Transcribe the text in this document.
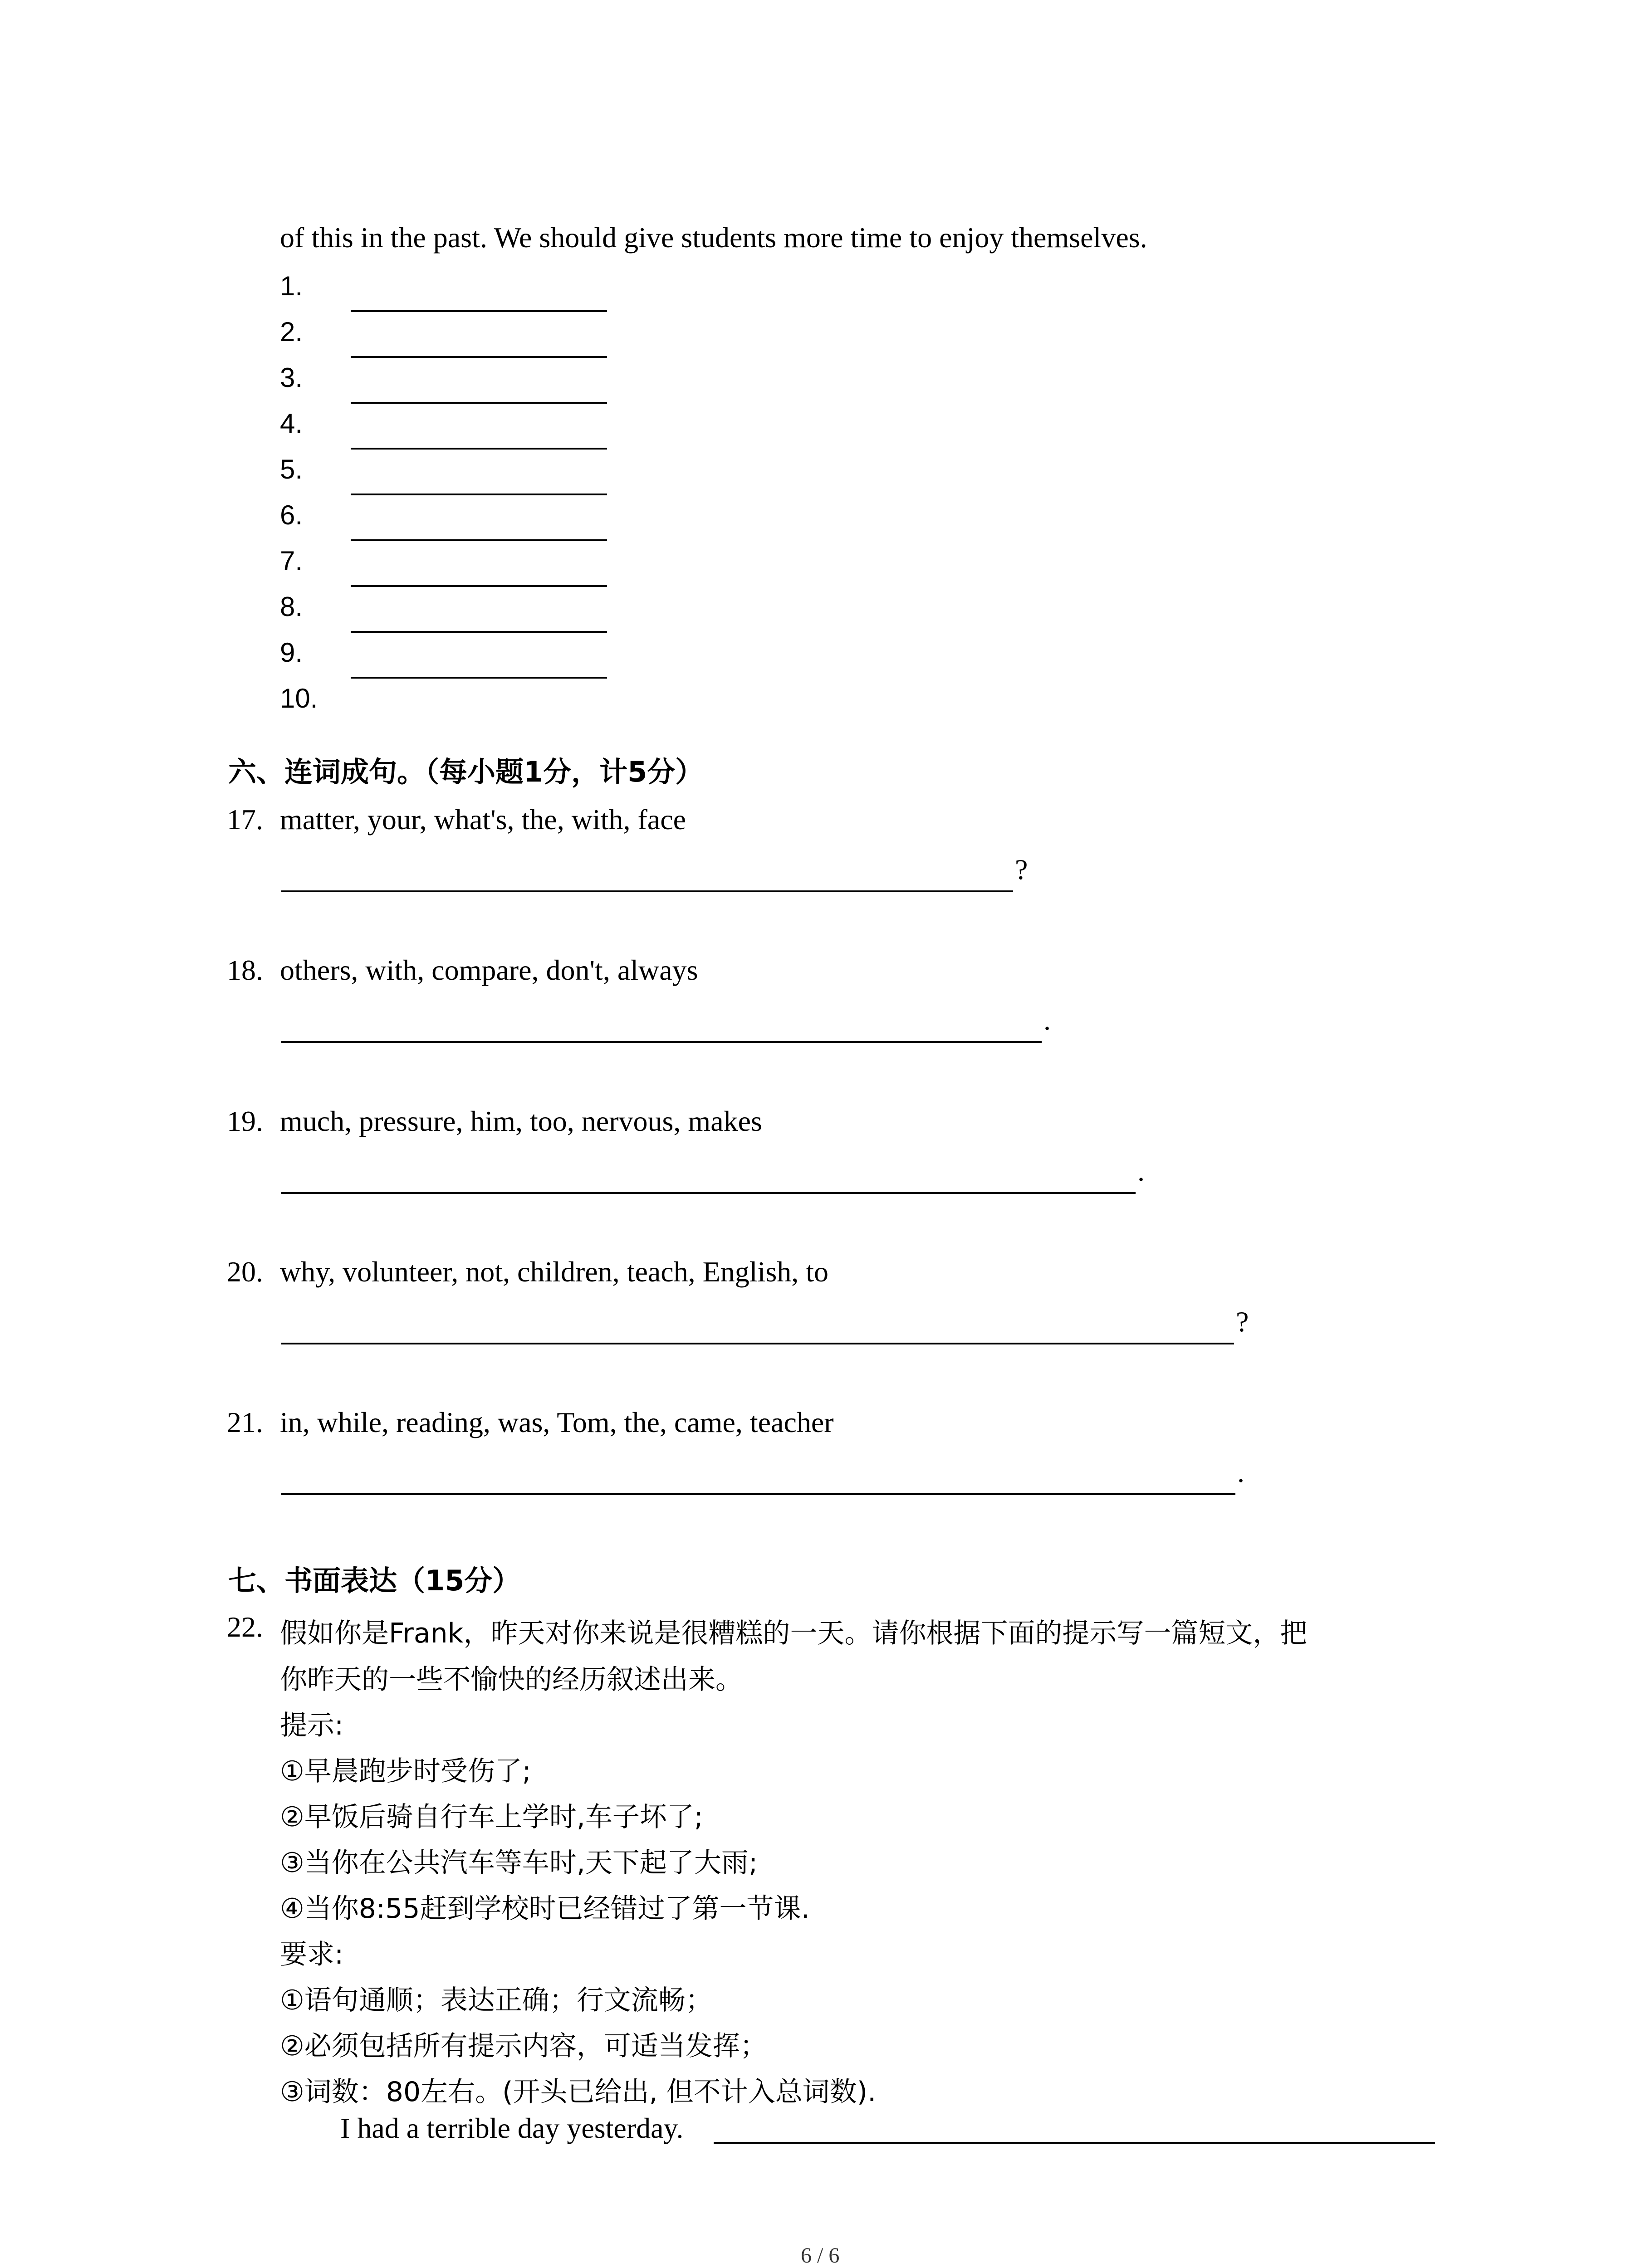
of this in the past. We should give students more time to enjoy themselves.
1.
2.
3.
4.
5.
6.
7.
8.
9.
10.
六、连词成句。（每小题1分，计5分）
17. matter, your, what's, the, with, face
?
18. others, with, compare, don't, always
.
19. much, pressure, him, too, nervous, makes
.
20. why, volunteer, not, children, teach, English, to
?
21. in, while, reading, was, Tom, the, came, teacher
.
七、书面表达（15分）
22. 假如你是Frank，昨天对你来说是很糟糕的一天。请你根据下面的提示写一篇短文，把
你昨天的一些不愉快的经历叙述出来。
提示:
①早晨跑步时受伤了;
②早饭后骑自行车上学时,车子坏了;
③当你在公共汽车等车时,天下起了大雨;
④当你8:55赶到学校时已经错过了第一节课.
要求:
①语句通顺；表达正确；行文流畅；
②必须包括所有提示内容，可适当发挥；
③词数：80左右。(开头已给出, 但不计入总词数).
I had a terrible day yesterday.
6 / 6
